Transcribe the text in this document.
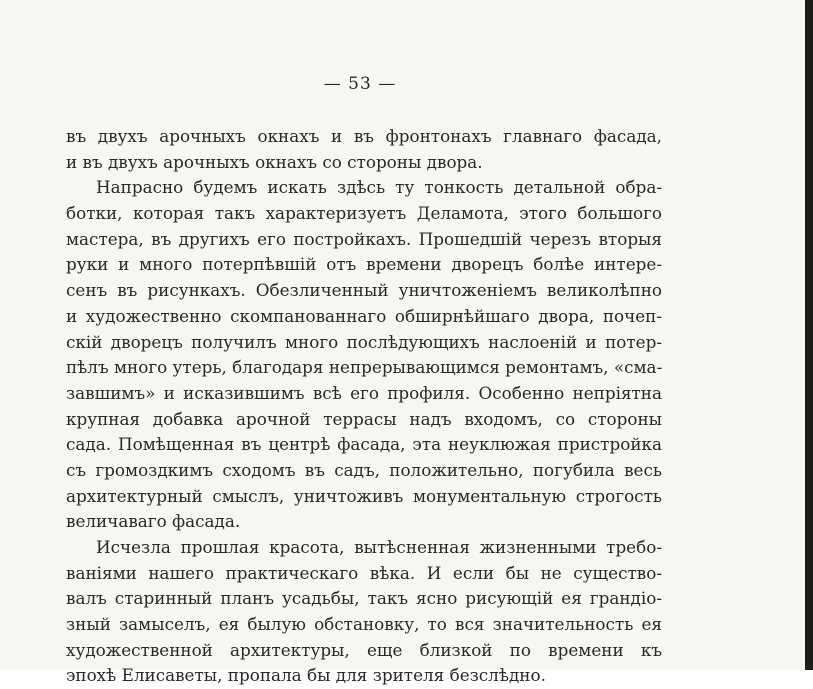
— 53 —
въ двухъ арочныхъ окнахъ и въ фронтонахъ главнаго фасада,
и въ двухъ арочныхъ окнахъ со стороны двора.
Напрасно будемъ искать здѣсь ту тонкость детальной обра-
ботки, которая такъ характеризуетъ Деламота, этого большого
мастера, въ другихъ его постройкахъ. Прошедшій черезъ вторыя
руки и много потерпѣвшій отъ времени дворецъ болѣе интере-
сенъ въ рисункахъ. Обезличенный уничтоженіемъ великолѣпно
и художественно скомпанованнаго обширнѣйшаго двора, почеп-
скій дворецъ получилъ много послѣдующихъ наслоеній и потер-
пѣлъ много утерь, благодаря непрерывающимся ремонтамъ, «сма-
завшимъ» и исказившимъ всѣ его профиля. Особенно непріятна
крупная добавка арочной террасы надъ входомъ, со стороны
сада. Помѣщенная въ центрѣ фасада, эта неуклюжая пристройка
съ громоздкимъ сходомъ въ садъ, положительно, погубила весь
архитектурный смыслъ, уничтоживъ монументальную строгость
величаваго фасада.
Исчезла прошлая красота, вытѣсненная жизненными требо-
ваніями нашего практическаго вѣка. И если бы не существо-
валъ старинный планъ усадьбы, такъ ясно рисующій ея грандіо-
зный замыселъ, ея былую обстановку, то вся значительность ея
художественной архитектуры, еще близкой по времени къ
эпохѣ Елисаветы, пропала бы для зрителя безслѣдно.
